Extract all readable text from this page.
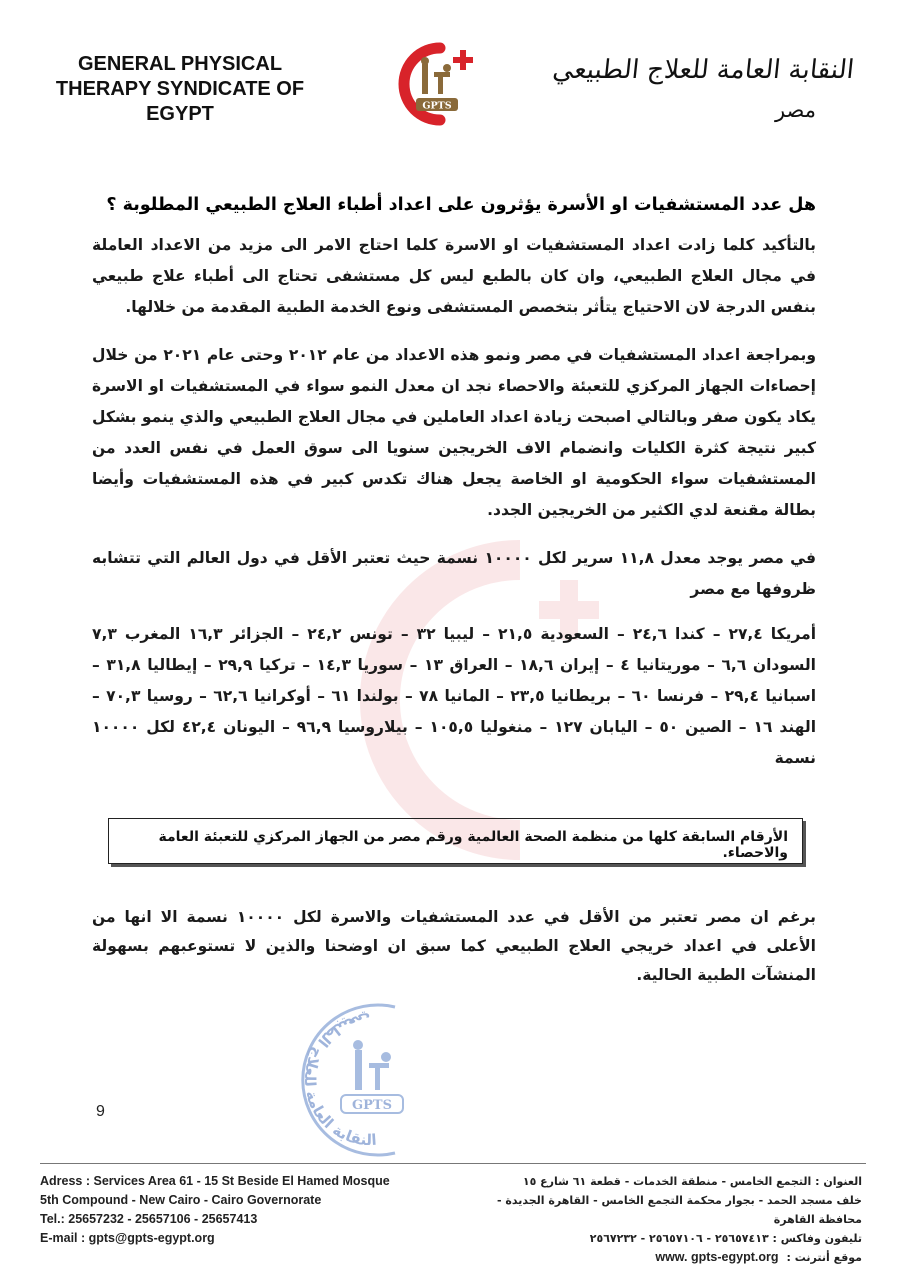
GENERAL PHYSICAL
THERAPY SYNDICATE OF
EGYPT	GPTS
النقابة العامة للعلاج الطبيعي
مصر

هل عدد المستشفيات او الأسرة يؤثرون على اعداد أطباء العلاج الطبيعي المطلوبة ؟

بالتأكيد كلما زادت اعداد المستشفيات او الاسرة كلما احتاج الامر الى مزيد من الاعداد العاملة في مجال العلاج الطبيعي، وان كان بالطبع ليس كل مستشفى تحتاج الى أطباء علاج طبيعي بنفس الدرجة لان الاحتياج يتأثر بتخصص المستشفى ونوع الخدمة الطبية المقدمة من خلالها.

وبمراجعة اعداد المستشفيات في مصر ونمو هذه الاعداد من عام ٢٠١٢ وحتى عام ٢٠٢١ من خلال إحصاءات الجهاز المركزي للتعبئة والاحصاء نجد ان معدل النمو سواء في المستشفيات او الاسرة يكاد يكون صفر وبالتالي اصبحت زيادة اعداد العاملين في مجال العلاج الطبيعي والذي ينمو بشكل كبير نتيجة كثرة الكليات وانضمام الاف الخريجين سنويا الى سوق العمل في نفس العدد من المستشفيات سواء الحكومية او الخاصة يجعل هناك تكدس كبير في هذه المستشفيات وأيضا بطالة مقنعة لدي الكثير من الخريجين الجدد.

في مصر يوجد معدل ١١,٨ سرير لكل ١٠٠٠٠ نسمة حيث تعتبر الأقل في دول العالم التي تتشابه ظروفها مع مصر

أمريكا ٢٧,٤ – كندا ٢٤,٦ – السعودية ٢١,٥ – ليبيا ٣٢ – تونس ٢٤,٢ – الجزائر ١٦,٣ المغرب ٧,٣ السودان ٦,٦ – موريتانيا ٤ – إيران ١٨,٦ – العراق ١٣ – سوريا ١٤,٣ – تركيا ٢٩,٩ – إيطاليا ٣١,٨ – اسبانيا ٢٩,٤ – فرنسا ٦٠ – بريطانيا ٢٣,٥ – المانيا ٧٨ – بولندا ٦١ – أوكرانيا ٦٢,٦ – روسيا ٧٠,٣ – الهند ١٦ – الصين ٥٠ – اليابان ١٢٧ – منغوليا ١٠٥,٥ – بيلاروسيا ٩٦,٩ – اليونان ٤٢,٤ لكل ١٠٠٠٠ نسمة

الأرقام السابقة كلها من منظمة الصحة العالمية ورقم مصر من الجهاز المركزي للتعبئة العامة والاحصاء.
برغم ان مصر تعتبر من الأقل في عدد المستشفيات والاسرة لكل ١٠٠٠٠ نسمة الا انها من الأعلى في اعداد خريجي العلاج الطبيعي كما سبق ان اوضحنا والذين لا تستوعبهم بسهولة المنشآت الطبية الحالية.
النقابة العامة للعلاج الطبيعي
GPTS
9
Adress : Services Area 61 - 15 St Beside El Hamed Mosque
5th Compound - New Cairo - Cairo Governorate
Tel.: 25657232 - 25657106 - 25657413
E-mail : gpts@gpts-egypt.org
العنوان : التجمع الخامس - منطقة الخدمات - قطعة ٦١ شارع ١٥
خلف مسجد الحمد - بجوار محكمة التجمع الخامس - القاهرة الجديدة - محافظة القاهرة
تليفون وفاكس : ٢٥٦٥٧٤١٣ - ٢٥٦٥٧١٠٦ - ٢٥٦٧٢٣٢
موقع أنترنت :
www. gpts-egypt.org
